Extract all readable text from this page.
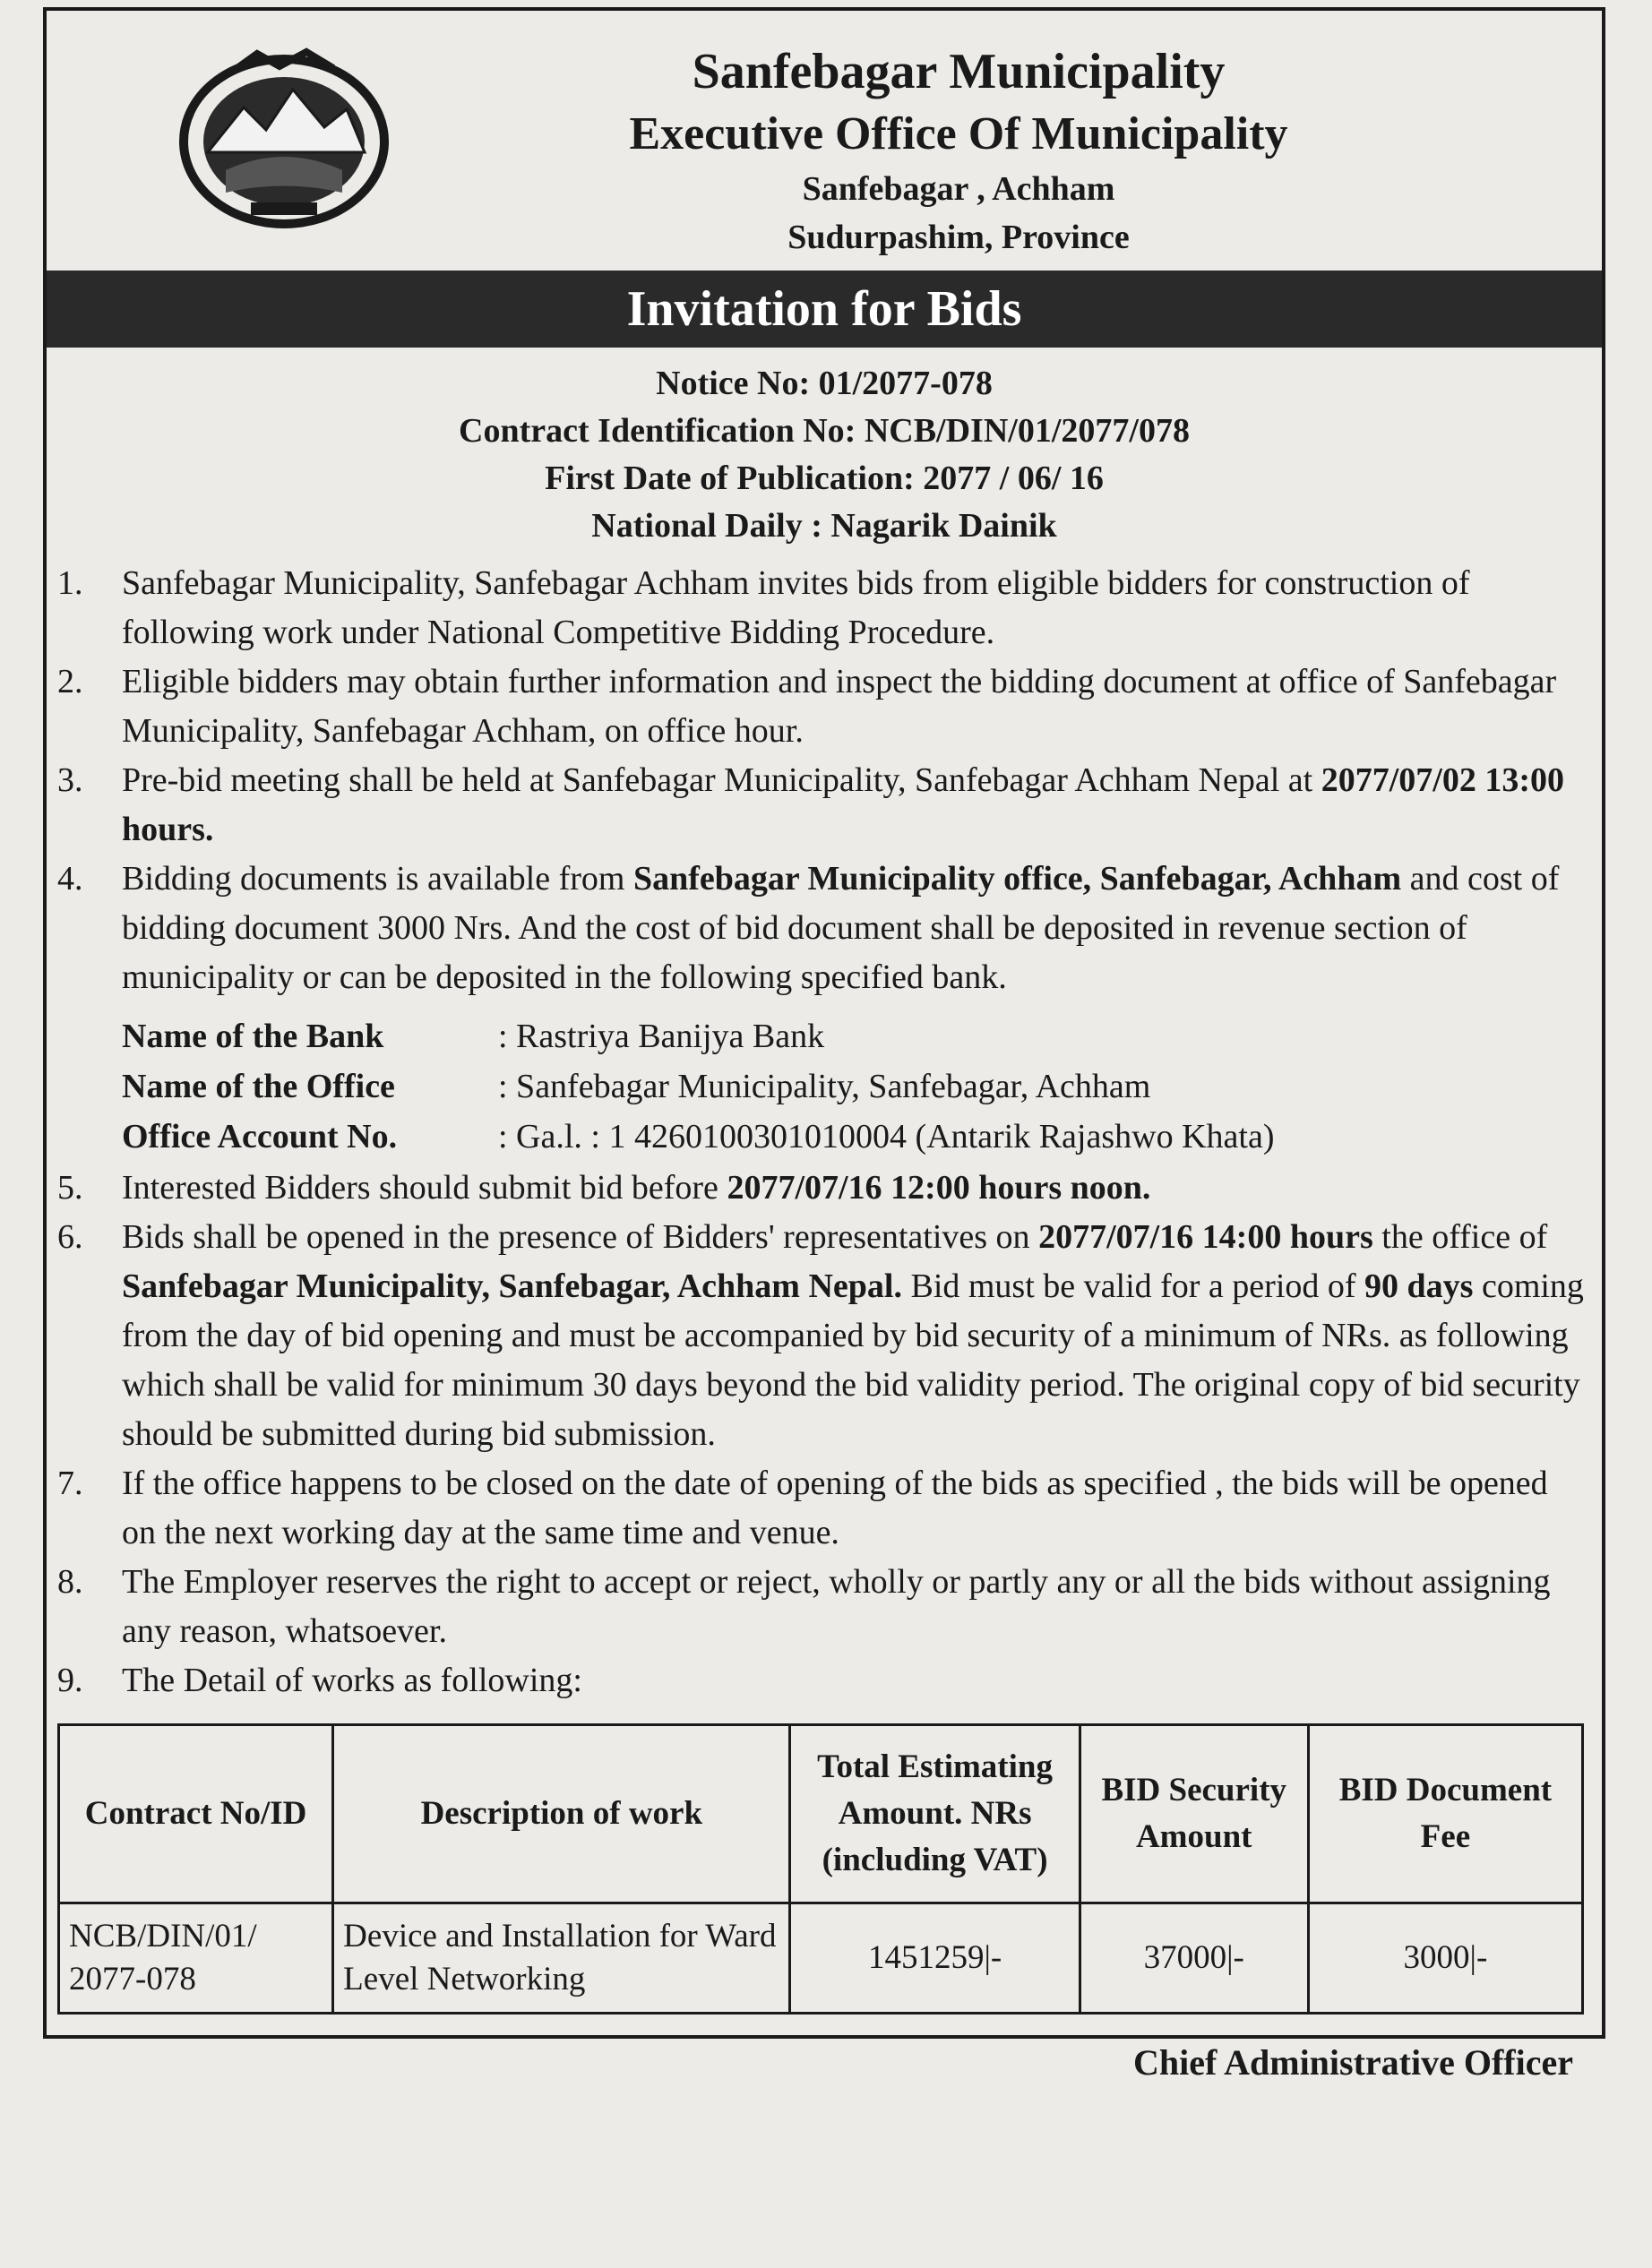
Sanfebagar Municipality
Executive Office Of Municipality
Sanfebagar , Achham
Sudurpashim, Province
Invitation for Bids
Notice No: 01/2077-078
Contract Identification No: NCB/DIN/01/2077/078
First Date of Publication: 2077 / 06/ 16
National Daily : Nagarik Dainik
1.	Sanfebagar Municipality, Sanfebagar Achham invites bids from eligible bidders for construction of following work under National Competitive Bidding Procedure.
2.	Eligible bidders may obtain further information and inspect the bidding document at office of Sanfebagar Municipality, Sanfebagar Achham, on office hour.
3.	Pre-bid meeting shall be held at Sanfebagar Municipality, Sanfebagar Achham Nepal at 2077/07/02 13:00 hours.
4.	Bidding documents is available from Sanfebagar Municipality office, Sanfebagar, Achham and cost of bidding document 3000 Nrs. And the cost of bid document shall be deposited in revenue section of municipality or can be deposited in the following specified bank.
Name of the Bank	: Rastriya Banijya Bank
Name of the Office	: Sanfebagar Municipality, Sanfebagar, Achham
Office Account No.	: Ga.l. : 1 4260100301010004 (Antarik Rajashwo Khata)
5.	Interested Bidders should submit bid before 2077/07/16 12:00 hours noon.
6.	Bids shall be opened in the presence of Bidders' representatives on 2077/07/16 14:00 hours the office of Sanfebagar Municipality, Sanfebagar, Achham Nepal. Bid must be valid for a period of 90 days coming from the day of bid opening and must be accompanied by bid security of a minimum of NRs. as following which shall be valid for minimum 30 days beyond the bid validity period. The original copy of bid security should be submitted during bid submission.
7.	If the office happens to be closed on the date of opening of the bids as specified , the bids will be opened on the next working day at the same time and venue.
8.	The Employer reserves the right to accept or reject, wholly or partly any or all the bids without assigning any reason, whatsoever.
9.	The Detail of works as following:
Contract No/ID	Description of work	Total Estimating Amount. NRs (including VAT)	BID Security Amount	BID Document Fee
NCB/DIN/01/ 2077-078	Device and Installation for Ward Level Networking	1451259|-	37000|-	3000|-
Chief Administrative Officer
